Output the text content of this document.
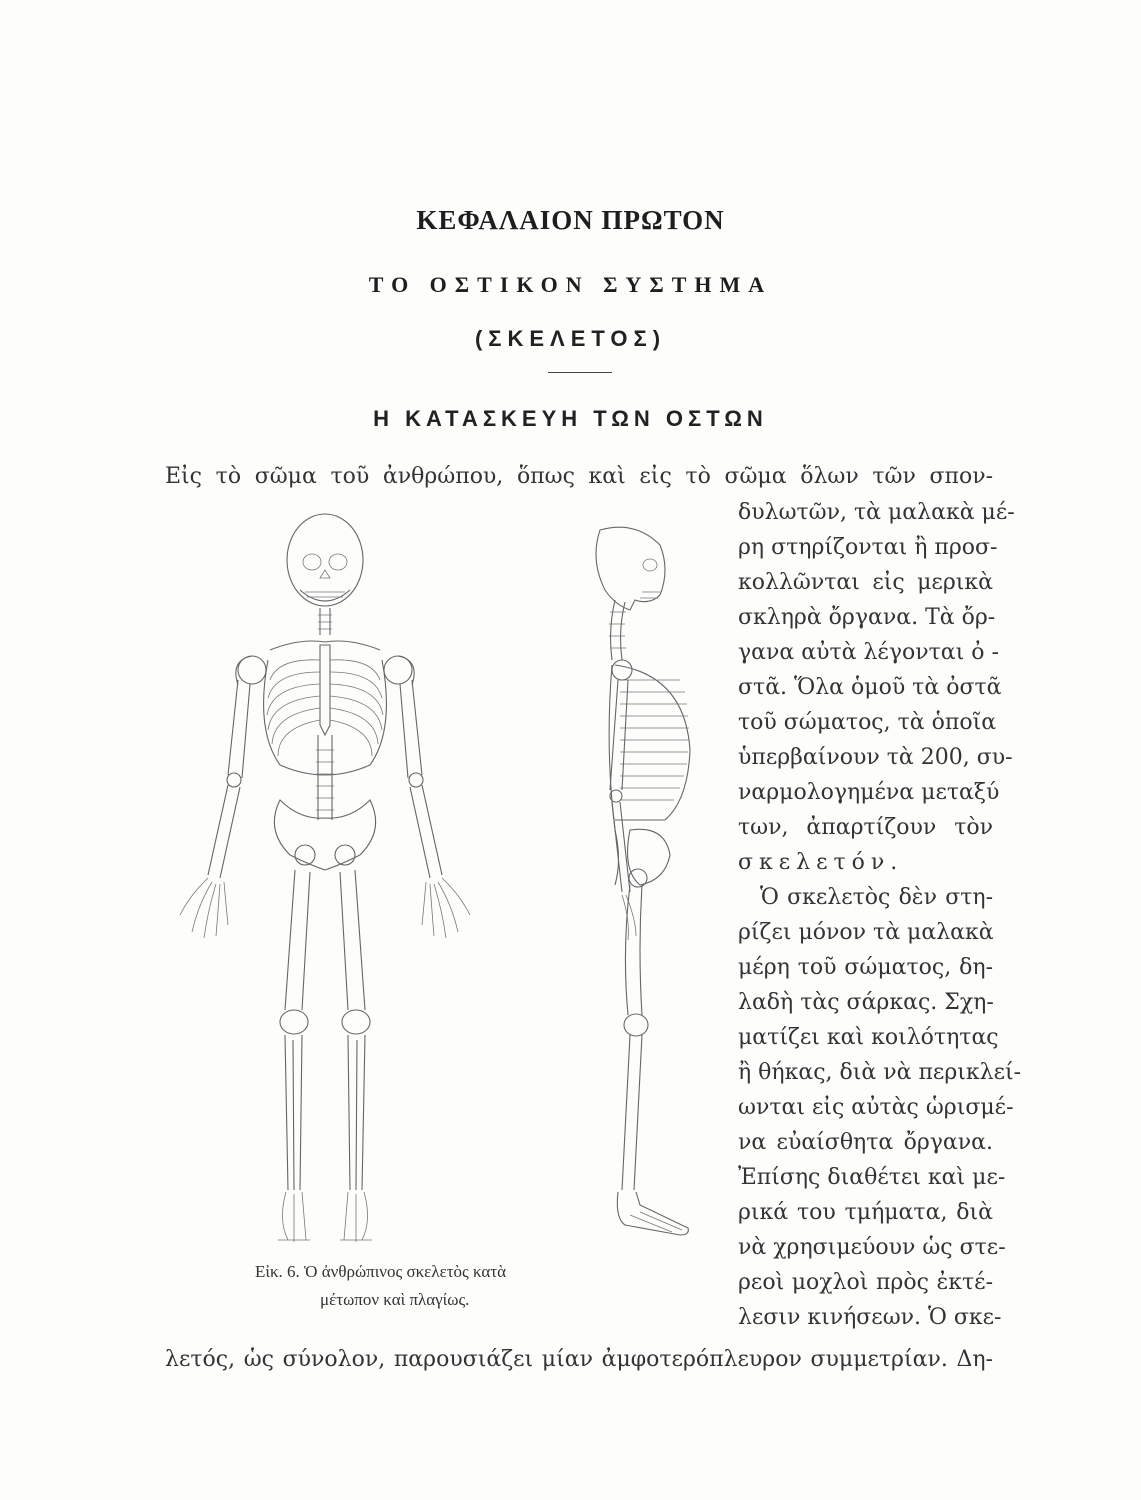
ΚΕΦΑΛΑΙΟΝ ΠΡΩΤΟΝ
ΤΟ ΟΣΤΙΚΟΝ ΣΥΣΤΗΜΑ
(ΣΚΕΛΕΤΟΣ)
Η ΚΑΤΑΣΚΕΥΗ ΤΩΝ ΟΣΤΩΝ
Εἰς τὸ σῶμα τοῦ ἀνθρώπου, ὅπως καὶ εἰς τὸ σῶμα ὅλων τῶν σπον-
δυλωτῶν, τὰ μαλακὰ μέ-
ρη στηρίζονται ἢ προσ-
κολλῶνται εἰς μερικὰ
σκληρὰ ὄργανα. Τὰ ὄρ-
γανα αὐτὰ λέγονται ὀ -
στᾶ. Ὅλα ὁμοῦ τὰ ὀστᾶ
τοῦ σώματος, τὰ ὁποῖα
ὑπερβαίνουν τὰ 200, συ-
ναρμολογημένα μεταξύ
των, ἀπαρτίζουν τὸν
σκελετόν.
Ὁ σκελετὸς δὲν στη-
ρίζει μόνον τὰ μαλακὰ
μέρη τοῦ σώματος, δη-
λαδὴ τὰς σάρκας. Σχη-
ματίζει καὶ κοιλότητας
ἢ θήκας, διὰ νὰ περικλεί-
ωνται εἰς αὐτὰς ὡρισμέ-
να εὐαίσθητα ὄργανα.
Ἐπίσης διαθέτει καὶ με-
ρικά του τμήματα, διὰ
νὰ χρησιμεύουν ὡς στε-
ρεοὶ μοχλοὶ πρὸς ἐκτέ-
λεσιν κινήσεων. Ὁ σκε-
λετός, ὡς σύνολον, παρουσιάζει μίαν ἀμφοτερόπλευρον συμμετρίαν. Δη-
Εἰκ. 6. Ὁ ἀνθρώπινος σκελετὸς κατὰ
μέτωπον καὶ πλαγίως.
